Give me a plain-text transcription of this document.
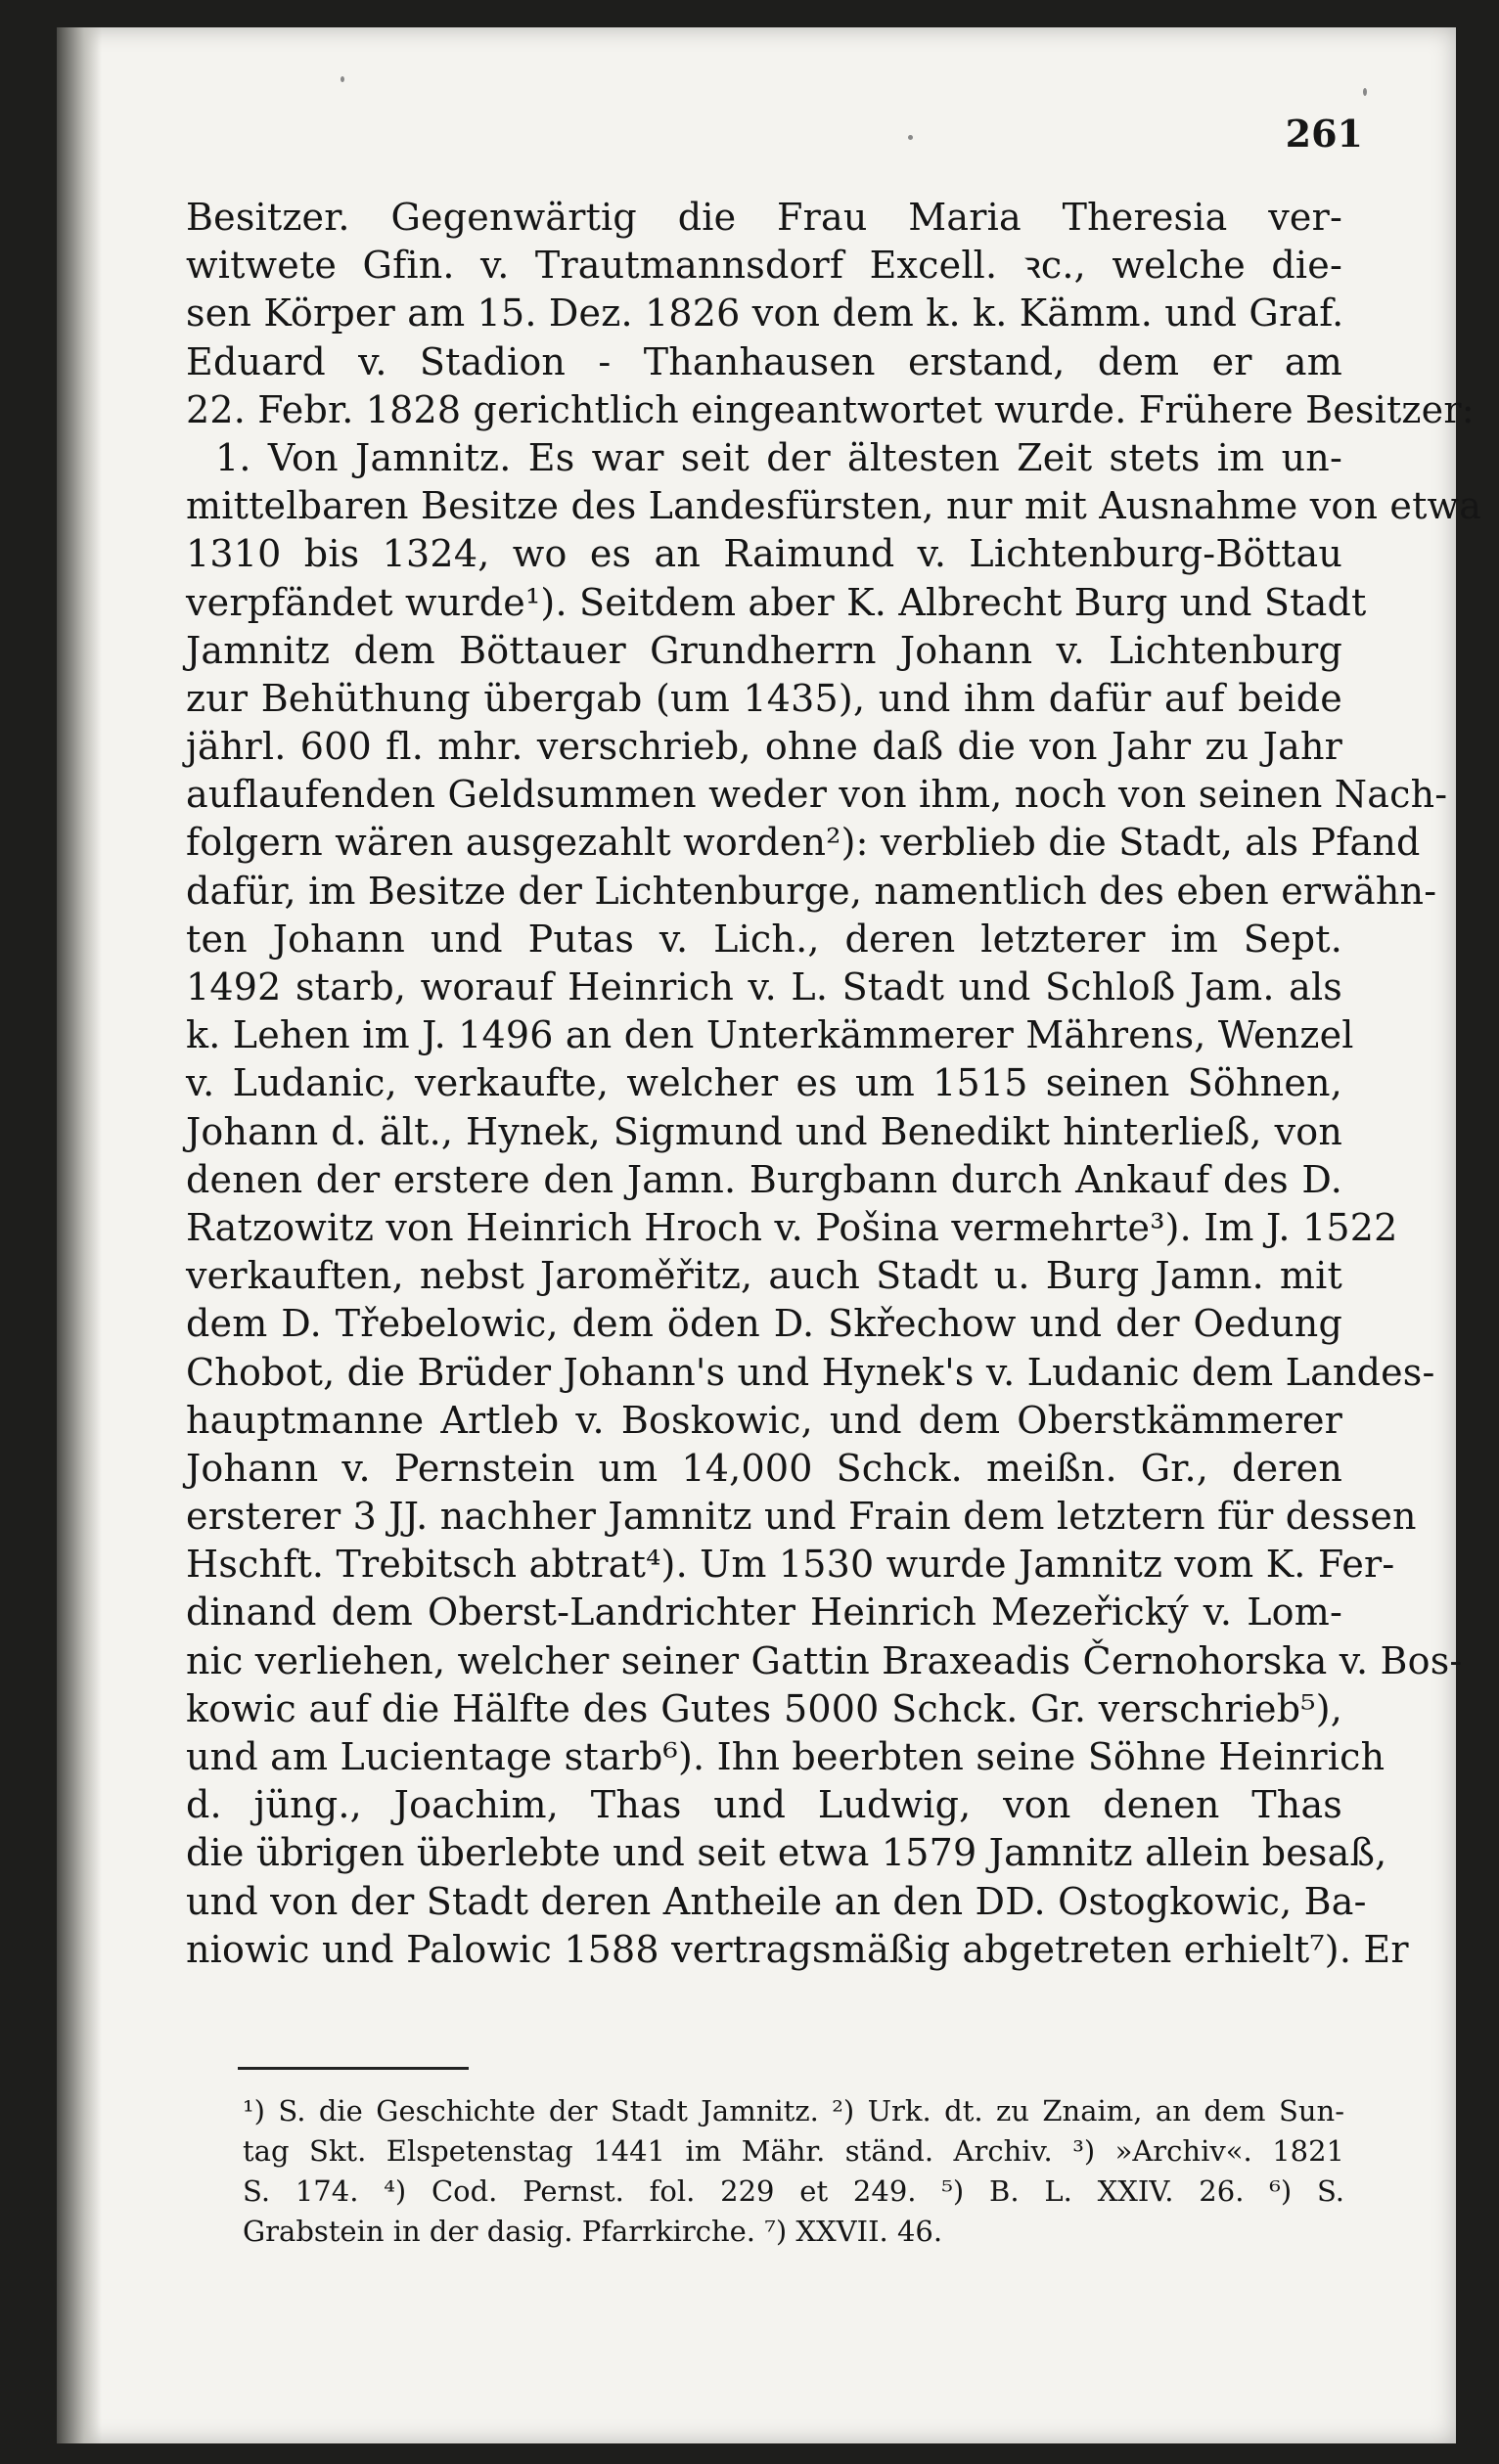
261
Besitzer. Gegenwärtig die Frau Maria Theresia ver-
witwete Gfin. v. Trautmannsdorf Excell. ꝛc., welche die-
sen Körper am 15. Dez. 1826 von dem k. k. Kämm. und Graf.
Eduard v. Stadion - Thanhausen erstand, dem er am
22. Febr. 1828 gerichtlich eingeantwortet wurde. Frühere Besitzer:
1. Von Jamnitz. Es war seit der ältesten Zeit stets im un-
mittelbaren Besitze des Landesfürsten, nur mit Ausnahme von etwa
1310 bis 1324, wo es an Raimund v. Lichtenburg-Böttau
verpfändet wurde¹). Seitdem aber K. Albrecht Burg und Stadt
Jamnitz dem Böttauer Grundherrn Johann v. Lichtenburg
zur Behüthung übergab (um 1435), und ihm dafür auf beide
jährl. 600 fl. mhr. verschrieb, ohne daß die von Jahr zu Jahr
auflaufenden Geldsummen weder von ihm, noch von seinen Nach-
folgern wären ausgezahlt worden²): verblieb die Stadt, als Pfand
dafür, im Besitze der Lichtenburge, namentlich des eben erwähn-
ten Johann und Putas v. Lich., deren letzterer im Sept.
1492 starb, worauf Heinrich v. L. Stadt und Schloß Jam. als
k. Lehen im J. 1496 an den Unterkämmerer Mährens, Wenzel
v. Ludanic, verkaufte, welcher es um 1515 seinen Söhnen,
Johann d. ält., Hynek, Sigmund und Benedikt hinterließ, von
denen der erstere den Jamn. Burgbann durch Ankauf des D.
Ratzowitz von Heinrich Hroch v. Pošina vermehrte³). Im J. 1522
verkauften, nebst Jaroměřitz, auch Stadt u. Burg Jamn. mit
dem D. Třebelowic, dem öden D. Skřechow und der Oedung
Chobot, die Brüder Johann's und Hynek's v. Ludanic dem Landes-
hauptmanne Artleb v. Boskowic, und dem Oberstkämmerer
Johann v. Pernstein um 14,000 Schck. meißn. Gr., deren
ersterer 3 JJ. nachher Jamnitz und Frain dem letztern für dessen
Hschft. Trebitsch abtrat⁴). Um 1530 wurde Jamnitz vom K. Fer-
dinand dem Oberst-Landrichter Heinrich Mezeřický v. Lom-
nic verliehen, welcher seiner Gattin Braxeadis Černohorska v. Bos-
kowic auf die Hälfte des Gutes 5000 Schck. Gr. verschrieb⁵),
und am Lucientage starb⁶). Ihn beerbten seine Söhne Heinrich
d. jüng., Joachim, Thas und Ludwig, von denen Thas
die übrigen überlebte und seit etwa 1579 Jamnitz allein besaß,
und von der Stadt deren Antheile an den DD. Ostogkowic, Ba-
niowic und Palowic 1588 vertragsmäßig abgetreten erhielt⁷). Er
¹) S. die Geschichte der Stadt Jamnitz. ²) Urk. dt. zu Znaim, an dem Sun-
tag Skt. Elspetenstag 1441 im Mähr. ständ. Archiv. ³) »Archiv«. 1821
S. 174. ⁴) Cod. Pernst. fol. 229 et 249. ⁵) B. L. XXIV. 26. ⁶) S.
Grabstein in der dasig. Pfarrkirche. ⁷) XXVII. 46.
